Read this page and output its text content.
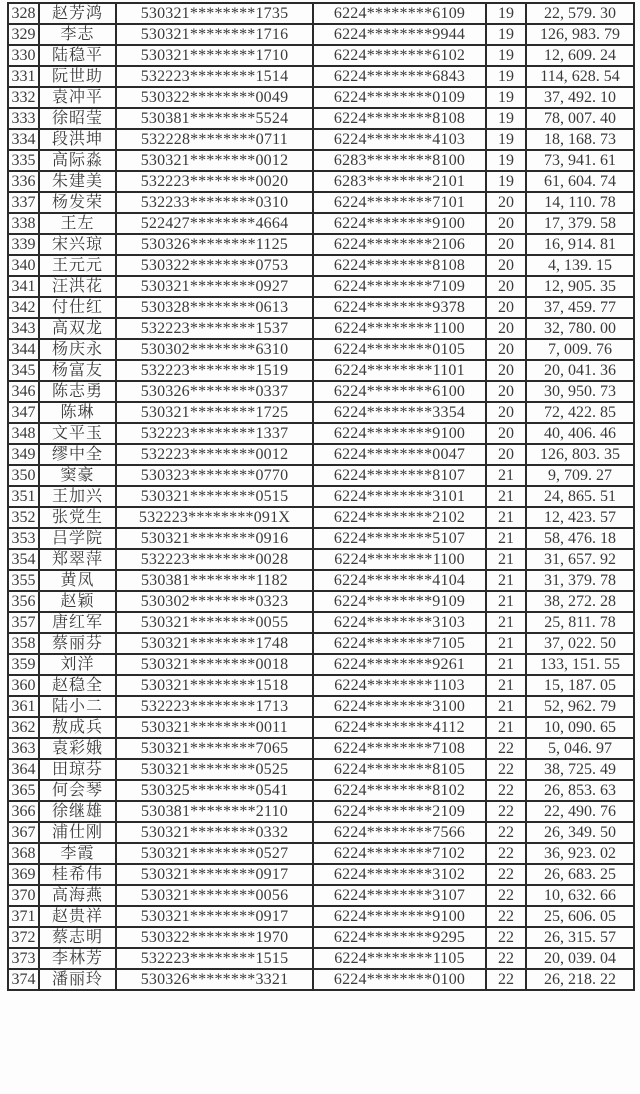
328	赵芳鸿	530321********1735	6224********6109	19	22, 579. 30
329	李志	530321********1716	6224********9944	19	126, 983. 79
330	陆稳平	530321********1710	6224********6102	19	12, 609. 24
331	阮世助	532223********1514	6224********6843	19	114, 628. 54
332	袁冲平	530322********0049	6224********0109	19	37, 492. 10
333	徐昭莹	530381********5524	6224********8108	19	78, 007. 40
334	段洪坤	532228********0711	6224********4103	19	18, 168. 73
335	高际淼	530321********0012	6283********8100	19	73, 941. 61
336	朱建美	532223********0020	6283********2101	19	61, 604. 74
337	杨发荣	532233********0310	6224********7101	20	14, 110. 78
338	王左	522427********4664	6224********9100	20	17, 379. 58
339	宋兴琼	530326********1125	6224********2106	20	16, 914. 81
340	王元元	530322********0753	6224********8108	20	4, 139. 15
341	汪洪花	530321********0927	6224********7109	20	12, 905. 35
342	付仕红	530328********0613	6224********9378	20	37, 459. 77
343	高双龙	532223********1537	6224********1100	20	32, 780. 00
344	杨庆永	530302********6310	6224********0105	20	7, 009. 76
345	杨富友	532223********1519	6224********1101	20	20, 041. 36
346	陈志勇	530326********0337	6224********6100	20	30, 950. 73
347	陈琳	530321********1725	6224********3354	20	72, 422. 85
348	文平玉	532223********1337	6224********9100	20	40, 406. 46
349	缪中全	532223********0012	6224********0047	20	126, 803. 35
350	窦豪	530323********0770	6224********8107	21	9, 709. 27
351	王加兴	530321********0515	6224********3101	21	24, 865. 51
352	张党生	532223********091X	6224********2102	21	12, 423. 57
353	吕学院	530321********0916	6224********5107	21	58, 476. 18
354	郑翠萍	532223********0028	6224********1100	21	31, 657. 92
355	黄凤	530381********1182	6224********4104	21	31, 379. 78
356	赵颖	530302********0323	6224********9109	21	38, 272. 28
357	唐红军	530321********0055	6224********3103	21	25, 811. 78
358	蔡丽芬	530321********1748	6224********7105	21	37, 022. 50
359	刘洋	530321********0018	6224********9261	21	133, 151. 55
360	赵稳全	530321********1518	6224********1103	21	15, 187. 05
361	陆小二	532223********1713	6224********3100	21	52, 962. 79
362	敖成兵	530321********0011	6224********4112	21	10, 090. 65
363	袁彩娥	530321********7065	6224********7108	22	5, 046. 97
364	田琼芬	530321********0525	6224********8105	22	38, 725. 49
365	何会琴	530325********0541	6224********8102	22	26, 853. 63
366	徐继雄	530381********2110	6224********2109	22	22, 490. 76
367	浦仕刚	530321********0332	6224********7566	22	26, 349. 50
368	李霞	530321********0527	6224********7102	22	36, 923. 02
369	桂希伟	530321********0917	6224********3102	22	26, 683. 25
370	高海燕	530321********0056	6224********3107	22	10, 632. 66
371	赵贵祥	530321********0917	6224********9100	22	25, 606. 05
372	蔡志明	530322********1970	6224********9295	22	26, 315. 57
373	李林芳	532223********1515	6224********1105	22	20, 039. 04
374	潘丽玲	530326********3321	6224********0100	22	26, 218. 22
